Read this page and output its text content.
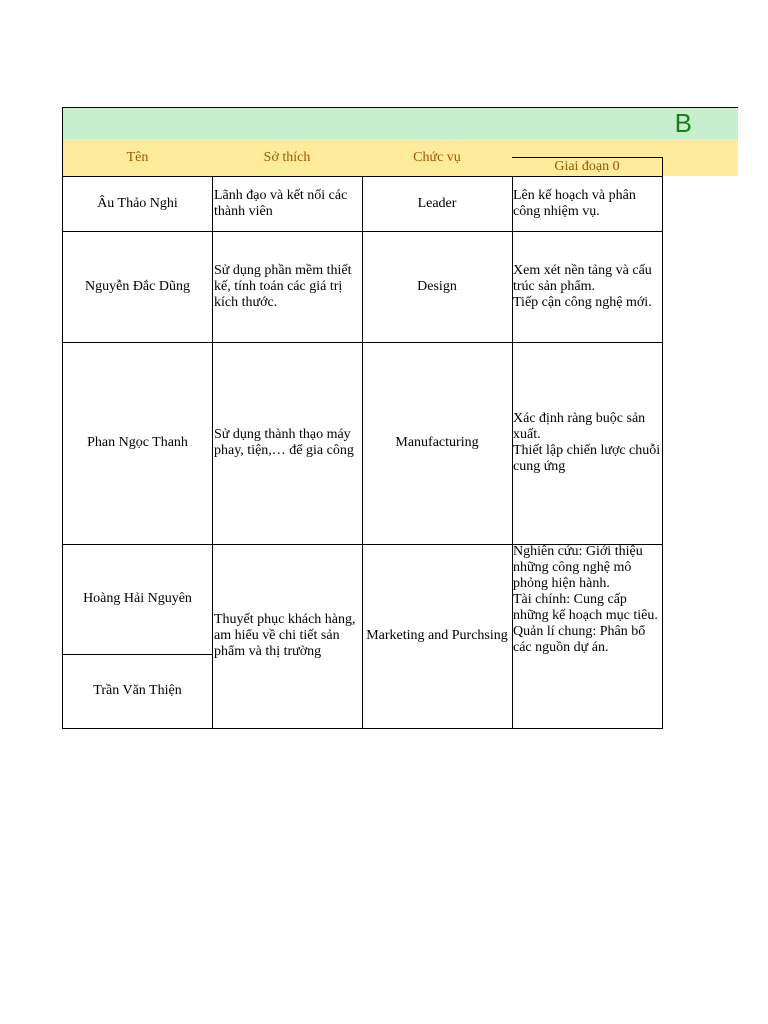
B
Tên	Sở thích	Chức vụ
Giai đoạn 0
Âu Thảo Nghi
Lãnh đạo và kết nối các thành viên
Leader
Lên kế hoạch và phân công nhiệm vụ.
Nguyễn Đắc Dũng
Sử dụng phần mềm thiết kế, tính toán các giá trị kích thước.
Design
Xem xét nền tảng và cấu trúc sản phẩm.
Tiếp cận công nghệ mới.
Phan Ngọc Thanh
Sử dụng thành thạo máy phay, tiện,… để gia công
Manufacturing
Xác định ràng buộc sản xuất.
Thiết lập chiến lược chuỗi cung ứng
Hoàng Hải Nguyên
Trần Văn Thiện
Thuyết phục khách hàng, am hiểu về chi tiết sản phẩm và thị trường
Marketing and Purchsing
Nghiên cứu: Giới thiệu những công nghệ mô phỏng hiện hành.
Tài chính: Cung cấp những kế hoạch mục tiêu.
Quản lí chung: Phân bổ các nguồn dự án.
